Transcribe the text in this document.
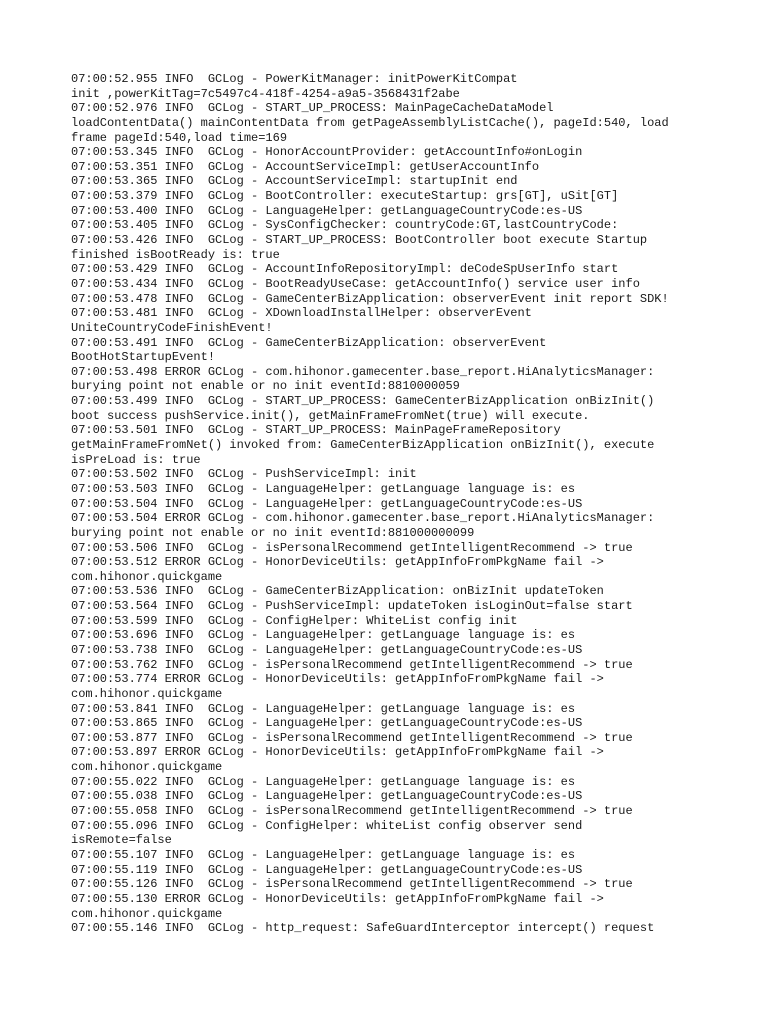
07:00:52.955 INFO  GCLog - PowerKitManager: initPowerKitCompat
init ,powerKitTag=7c5497c4-418f-4254-a9a5-3568431f2abe
07:00:52.976 INFO  GCLog - START_UP_PROCESS: MainPageCacheDataModel
loadContentData() mainContentData from getPageAssemblyListCache(), pageId:540, load
frame pageId:540,load time=169
07:00:53.345 INFO  GCLog - HonorAccountProvider: getAccountInfo#onLogin
07:00:53.351 INFO  GCLog - AccountServiceImpl: getUserAccountInfo
07:00:53.365 INFO  GCLog - AccountServiceImpl: startupInit end
07:00:53.379 INFO  GCLog - BootController: executeStartup: grs[GT], uSit[GT]
07:00:53.400 INFO  GCLog - LanguageHelper: getLanguageCountryCode:es-US
07:00:53.405 INFO  GCLog - SysConfigChecker: countryCode:GT,lastCountryCode:
07:00:53.426 INFO  GCLog - START_UP_PROCESS: BootController boot execute Startup
finished isBootReady is: true
07:00:53.429 INFO  GCLog - AccountInfoRepositoryImpl: deCodeSpUserInfo start
07:00:53.434 INFO  GCLog - BootReadyUseCase: getAccountInfo() service user info
07:00:53.478 INFO  GCLog - GameCenterBizApplication: observerEvent init report SDK!
07:00:53.481 INFO  GCLog - XDownloadInstallHelper: observerEvent
UniteCountryCodeFinishEvent!
07:00:53.491 INFO  GCLog - GameCenterBizApplication: observerEvent
BootHotStartupEvent!
07:00:53.498 ERROR GCLog - com.hihonor.gamecenter.base_report.HiAnalyticsManager:
burying point not enable or no init eventId:8810000059
07:00:53.499 INFO  GCLog - START_UP_PROCESS: GameCenterBizApplication onBizInit()
boot success pushService.init(), getMainFrameFromNet(true) will execute.
07:00:53.501 INFO  GCLog - START_UP_PROCESS: MainPageFrameRepository
getMainFrameFromNet() invoked from: GameCenterBizApplication onBizInit(), execute
isPreLoad is: true
07:00:53.502 INFO  GCLog - PushServiceImpl: init
07:00:53.503 INFO  GCLog - LanguageHelper: getLanguage language is: es
07:00:53.504 INFO  GCLog - LanguageHelper: getLanguageCountryCode:es-US
07:00:53.504 ERROR GCLog - com.hihonor.gamecenter.base_report.HiAnalyticsManager:
burying point not enable or no init eventId:881000000099
07:00:53.506 INFO  GCLog - isPersonalRecommend getIntelligentRecommend -> true
07:00:53.512 ERROR GCLog - HonorDeviceUtils: getAppInfoFromPkgName fail ->
com.hihonor.quickgame
07:00:53.536 INFO  GCLog - GameCenterBizApplication: onBizInit updateToken
07:00:53.564 INFO  GCLog - PushServiceImpl: updateToken isLoginOut=false start
07:00:53.599 INFO  GCLog - ConfigHelper: WhiteList config init
07:00:53.696 INFO  GCLog - LanguageHelper: getLanguage language is: es
07:00:53.738 INFO  GCLog - LanguageHelper: getLanguageCountryCode:es-US
07:00:53.762 INFO  GCLog - isPersonalRecommend getIntelligentRecommend -> true
07:00:53.774 ERROR GCLog - HonorDeviceUtils: getAppInfoFromPkgName fail ->
com.hihonor.quickgame
07:00:53.841 INFO  GCLog - LanguageHelper: getLanguage language is: es
07:00:53.865 INFO  GCLog - LanguageHelper: getLanguageCountryCode:es-US
07:00:53.877 INFO  GCLog - isPersonalRecommend getIntelligentRecommend -> true
07:00:53.897 ERROR GCLog - HonorDeviceUtils: getAppInfoFromPkgName fail ->
com.hihonor.quickgame
07:00:55.022 INFO  GCLog - LanguageHelper: getLanguage language is: es
07:00:55.038 INFO  GCLog - LanguageHelper: getLanguageCountryCode:es-US
07:00:55.058 INFO  GCLog - isPersonalRecommend getIntelligentRecommend -> true
07:00:55.096 INFO  GCLog - ConfigHelper: whiteList config observer send
isRemote=false
07:00:55.107 INFO  GCLog - LanguageHelper: getLanguage language is: es
07:00:55.119 INFO  GCLog - LanguageHelper: getLanguageCountryCode:es-US
07:00:55.126 INFO  GCLog - isPersonalRecommend getIntelligentRecommend -> true
07:00:55.130 ERROR GCLog - HonorDeviceUtils: getAppInfoFromPkgName fail ->
com.hihonor.quickgame
07:00:55.146 INFO  GCLog - http_request: SafeGuardInterceptor intercept() request
